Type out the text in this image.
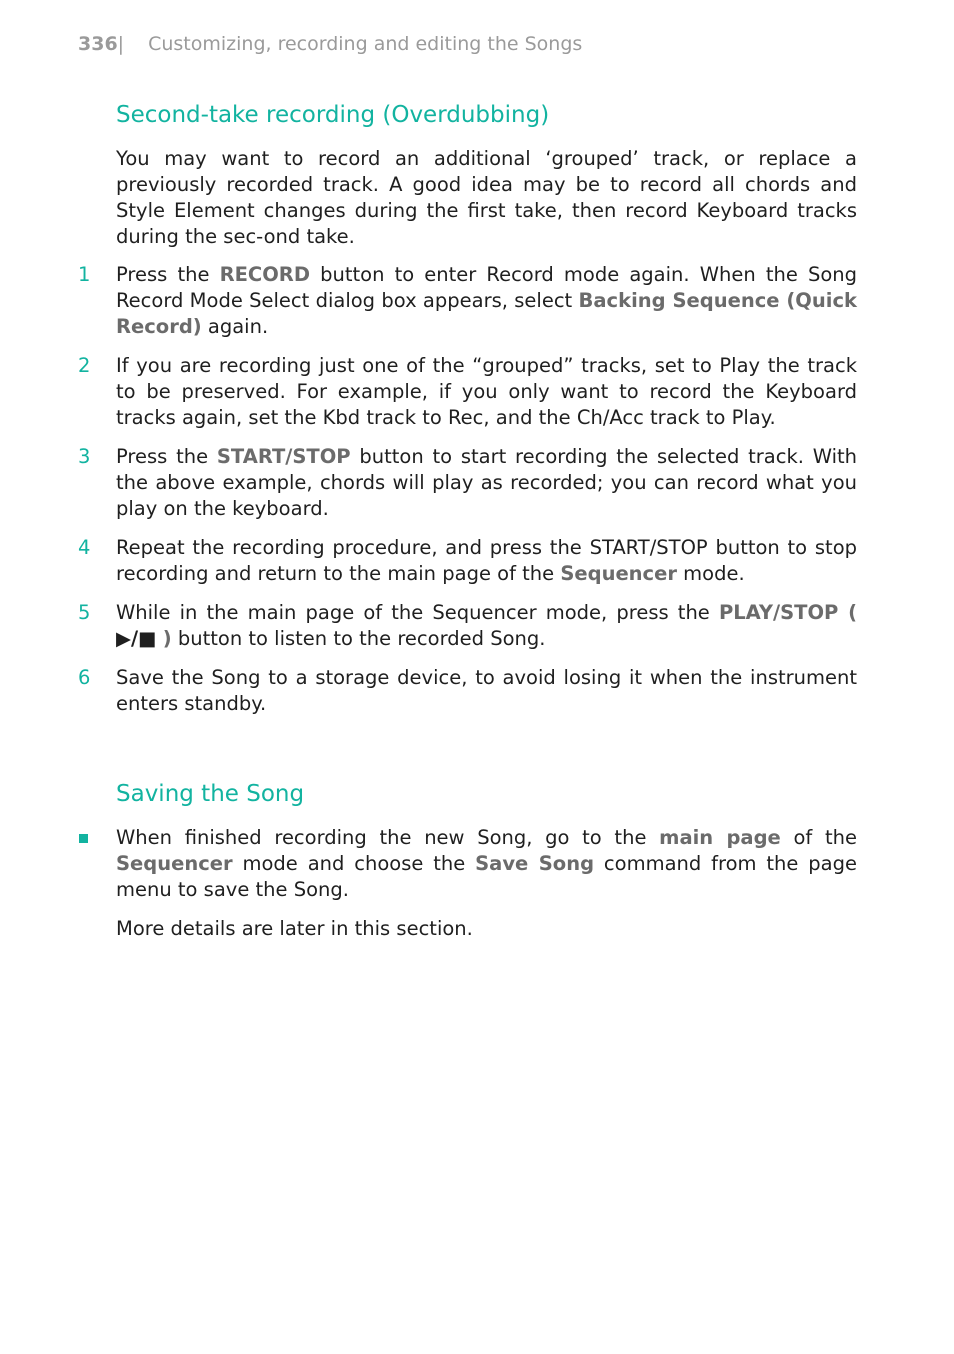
336| Customizing, recording and editing the Songs
Second-take recording (Overdubbing)

You may want to record an additional ‘grouped’ track, or replace a previously recorded track. A good idea may be to record all chords and Style Element changes during the first take, then record Keyboard tracks during the sec-ond take.

1 Press the RECORD button to enter Record mode again. When the Song Record Mode Select dialog box appears, select Backing Sequence (Quick Record) again.

2 If you are recording just one of the “grouped” tracks, set to Play the track to be preserved. For example, if you only want to record the Keyboard tracks again, set the Kbd track to Rec, and the Ch/Acc track to Play.

3 Press the START/STOP button to start recording the selected track. With the above example, chords will play as recorded; you can record what you play on the keyboard.

4 Repeat the recording procedure, and press the START/STOP button to stop recording and return to the main page of the Sequencer mode.

5 While in the main page of the Sequencer mode, press the PLAY/STOP ( ▶/■ ) button to listen to the recorded Song.

6 Save the Song to a storage device, to avoid losing it when the instrument enters standby.

Saving the Song

When finished recording the new Song, go to the main page of the Sequencer mode and choose the Save Song command from the page menu to save the Song.

More details are later in this section.
